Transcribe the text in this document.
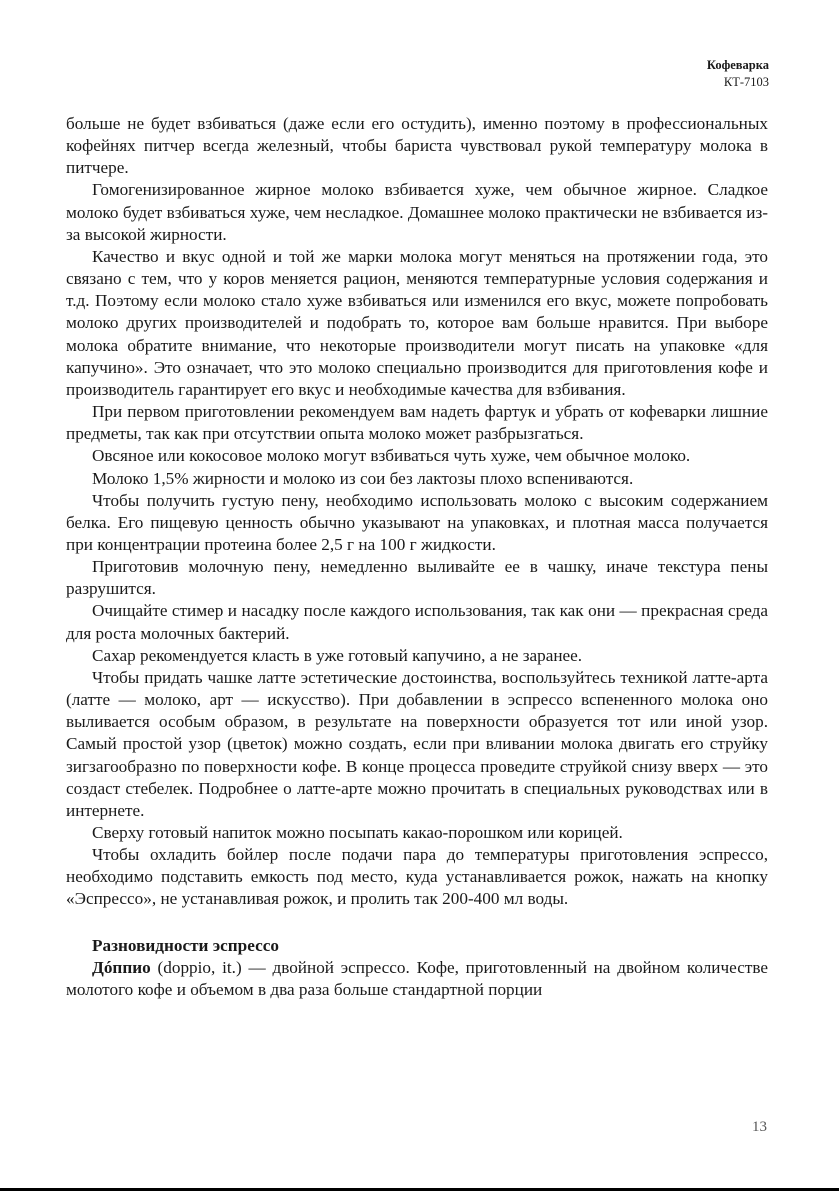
Кофеварка
КТ-7103

больше не будет взбиваться (даже если его остудить), именно поэтому в профессиональных кофейнях питчер всегда железный, чтобы бариста чувствовал рукой температуру молока в питчере.

Гомогенизированное жирное молоко взбивается хуже, чем обычное жирное. Сладкое молоко будет взбиваться хуже, чем несладкое. Домашнее молоко практически не взбивается из-за высокой жирности.

Качество и вкус одной и той же марки молока могут меняться на протяжении года, это связано с тем, что у коров меняется рацион, меняются температурные условия содержания и т.д. Поэтому если молоко стало хуже взбиваться или изменился его вкус, можете попробовать молоко других производителей и подобрать то, которое вам больше нравится. При выборе молока обратите внимание, что некоторые производители могут писать на упаковке «для капучино». Это означает, что это молоко специально производится для приготовления кофе и производитель гарантирует его вкус и необходимые качества для взбивания.

При первом приготовлении рекомендуем вам надеть фартук и убрать от кофеварки лишние предметы, так как при отсутствии опыта молоко может разбрызгаться.

Овсяное или кокосовое молоко могут взбиваться чуть хуже, чем обычное молоко.

Молоко 1,5% жирности и молоко из сои без лактозы плохо вспениваются.

Чтобы получить густую пену, необходимо использовать молоко с высоким содержанием белка. Его пищевую ценность обычно указывают на упаковках, и плотная масса получается при концентрации протеина более 2,5 г на 100 г жидкости.

Приготовив молочную пену, немедленно выливайте ее в чашку, иначе текстура пены разрушится.

Очищайте стимер и насадку после каждого использования, так как они — прекрасная среда для роста молочных бактерий.

Сахар рекомендуется класть в уже готовый капучино, а не заранее.

Чтобы придать чашке латте эстетические достоинства, воспользуйтесь техникой латте-арта (латте — молоко, арт — искусство). При добавлении в эспрессо вспененного молока оно выливается особым образом, в результате на поверхности образуется тот или иной узор. Самый простой узор (цветок) можно создать, если при вливании молока двигать его струйку зигзагообразно по поверхности кофе. В конце процесса проведите струйкой снизу вверх — это создаст стебелек. Подробнее о латте-арте можно прочитать в специальных руководствах или в интернете.

Сверху готовый напиток можно посыпать какао-порошком или корицей.

Чтобы охладить бойлер после подачи пара до температуры приготовления эспрессо, необходимо подставить емкость под место, куда устанавливается рожок, нажать на кнопку «Эспрессо», не устанавливая рожок, и пролить так 200-400 мл воды.

Разновидности эспрессо

Дóппио (doppio, it.) — двойной эспрессо. Кофе, приготовленный на двойном количестве молотого кофе и объемом в два раза больше стандартной порции

13
